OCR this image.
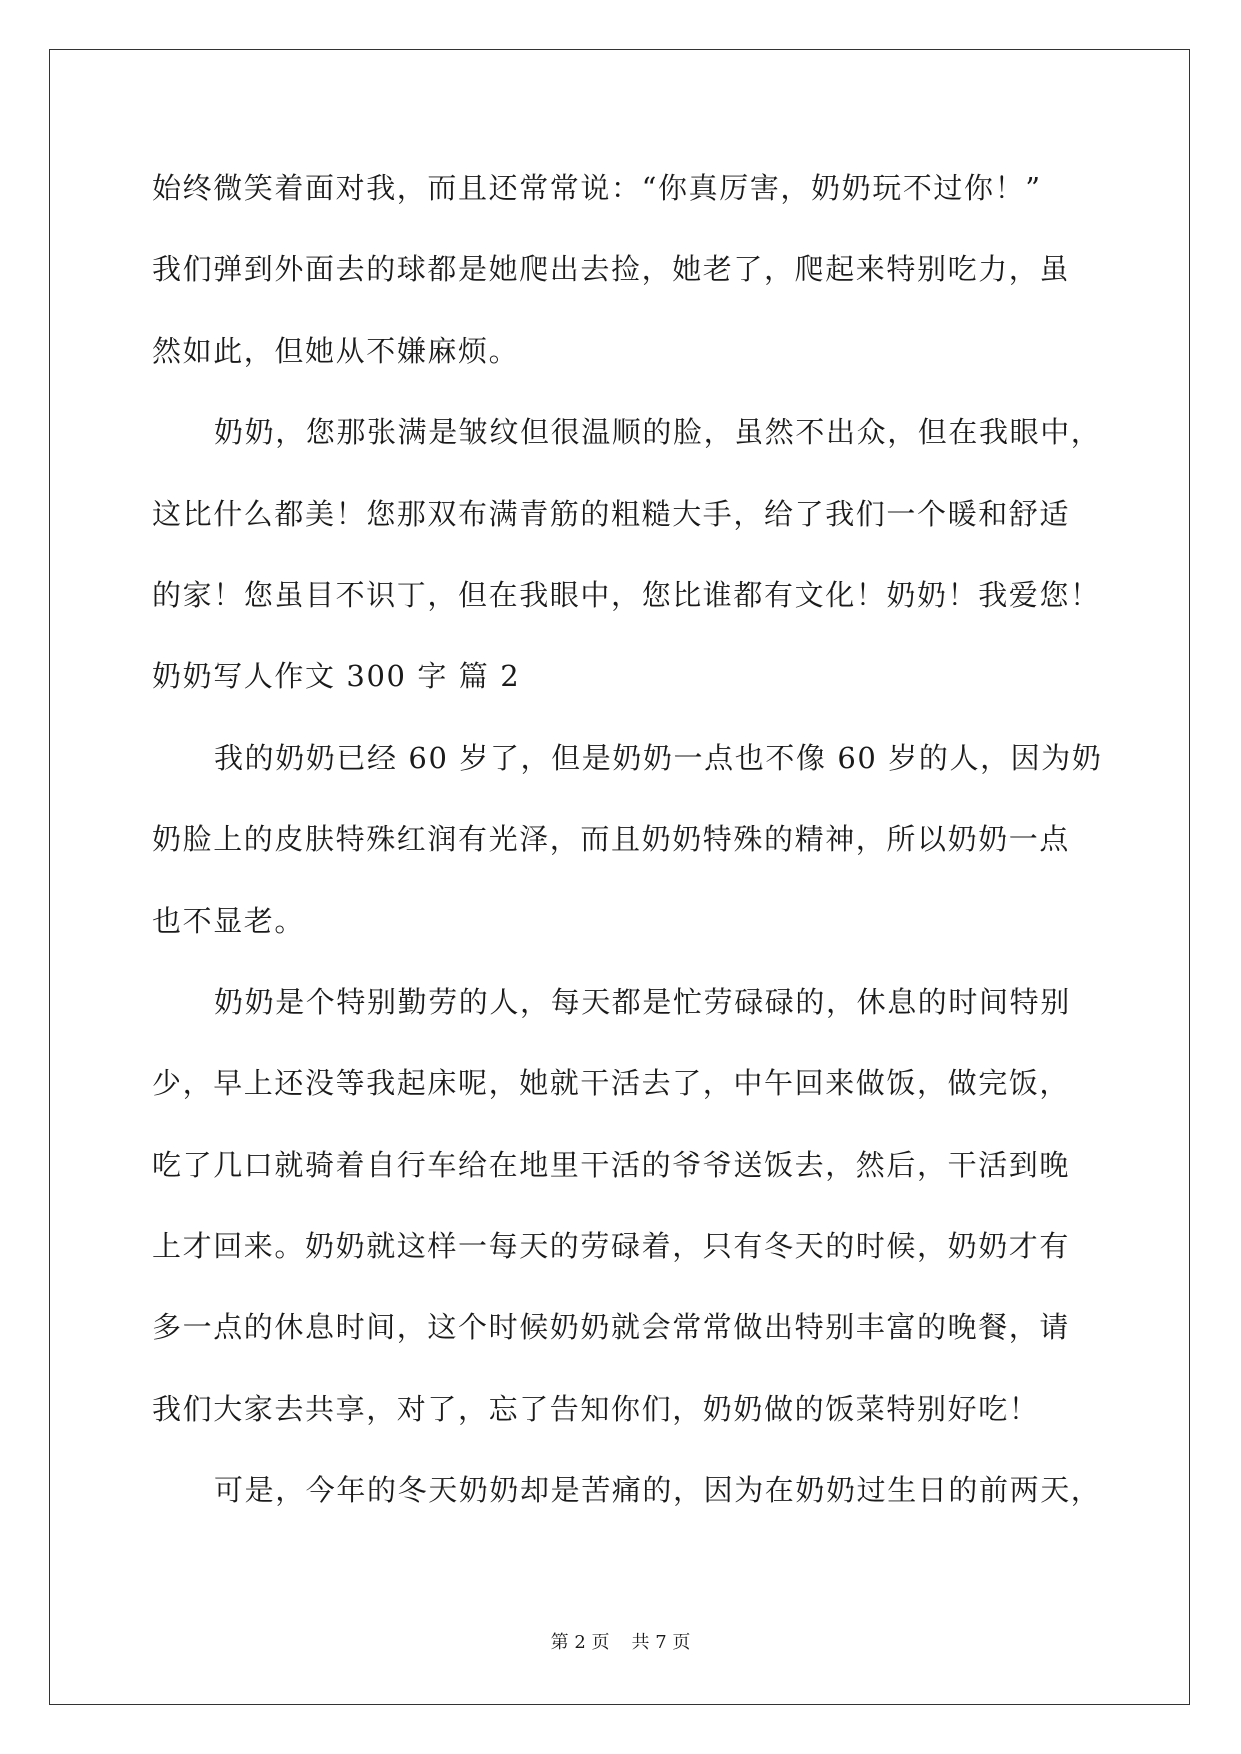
始终微笑着面对我，而且还常常说：“你真厉害，奶奶玩不过你！”
我们弹到外面去的球都是她爬出去捡，她老了，爬起来特别吃力，虽
然如此，但她从不嫌麻烦。
奶奶，您那张满是皱纹但很温顺的脸，虽然不出众，但在我眼中，
这比什么都美！您那双布满青筋的粗糙大手，给了我们一个暖和舒适
的家！您虽目不识丁，但在我眼中，您比谁都有文化！奶奶！我爱您！
奶奶写人作文 300 字 篇 2
我的奶奶已经 60 岁了，但是奶奶一点也不像 60 岁的人，因为奶
奶脸上的皮肤特殊红润有光泽，而且奶奶特殊的精神，所以奶奶一点
也不显老。
奶奶是个特别勤劳的人，每天都是忙劳碌碌的，休息的时间特别
少，早上还没等我起床呢，她就干活去了，中午回来做饭，做完饭，
吃了几口就骑着自行车给在地里干活的爷爷送饭去，然后，干活到晚
上才回来。奶奶就这样一每天的劳碌着，只有冬天的时候，奶奶才有
多一点的休息时间，这个时候奶奶就会常常做出特别丰富的晚餐，请
我们大家去共享，对了，忘了告知你们，奶奶做的饭菜特别好吃！
可是，今年的冬天奶奶却是苦痛的，因为在奶奶过生日的前两天，
第 2 页 共 7 页
